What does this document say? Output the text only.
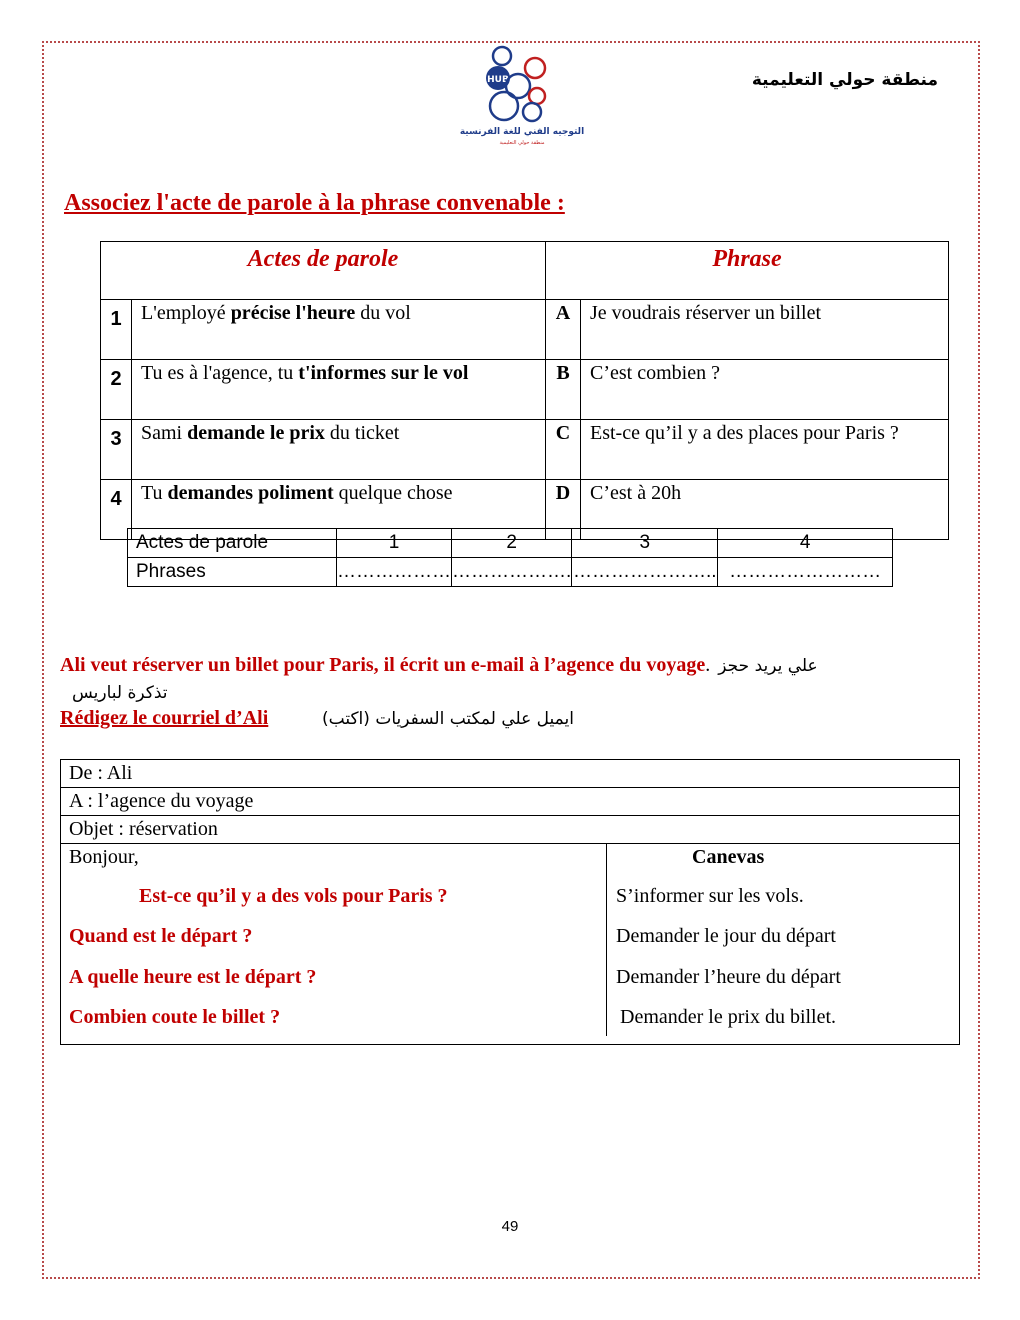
HUB
التوجيه الفني للغة الفرنسية
منطقة حولي التعليمية
منطقة حولي التعليمية
Associez l'acte de parole à la phrase convenable :
Actes de parole		Phrase	
1	L'employé précise l'heure du vol	A	Je voudrais réserver un billet
2	Tu es à l'agence, tu t'informes sur le vol	B	C’est combien ?
3	Sami demande le prix du ticket	C	Est-ce qu’il y a des places pour Paris ?
4	Tu demandes poliment quelque chose	D	C’est à 20h
Actes de parole	1	2	3	4
Phrases	………………	……………….	…………………..	……………………
Ali veut réserver un billet pour Paris, il écrit un e-mail à l’agence du voyage. علي يريد حجز
تذكرة لباريس
Rédigez le courriel d’Ali	(اكتب) ايميل علي لمكتب السفريات
De : Ali
A : l’agence du voyage
Objet : réservation
Bonjour,	Canevas
Est-ce qu’il y a des vols pour Paris ?	S’informer sur les vols.
Quand est le départ ?	Demander le jour du départ
A quelle heure est le départ ?	Demander l’heure du départ
Combien coute le billet ?	Demander le prix du billet.
49
